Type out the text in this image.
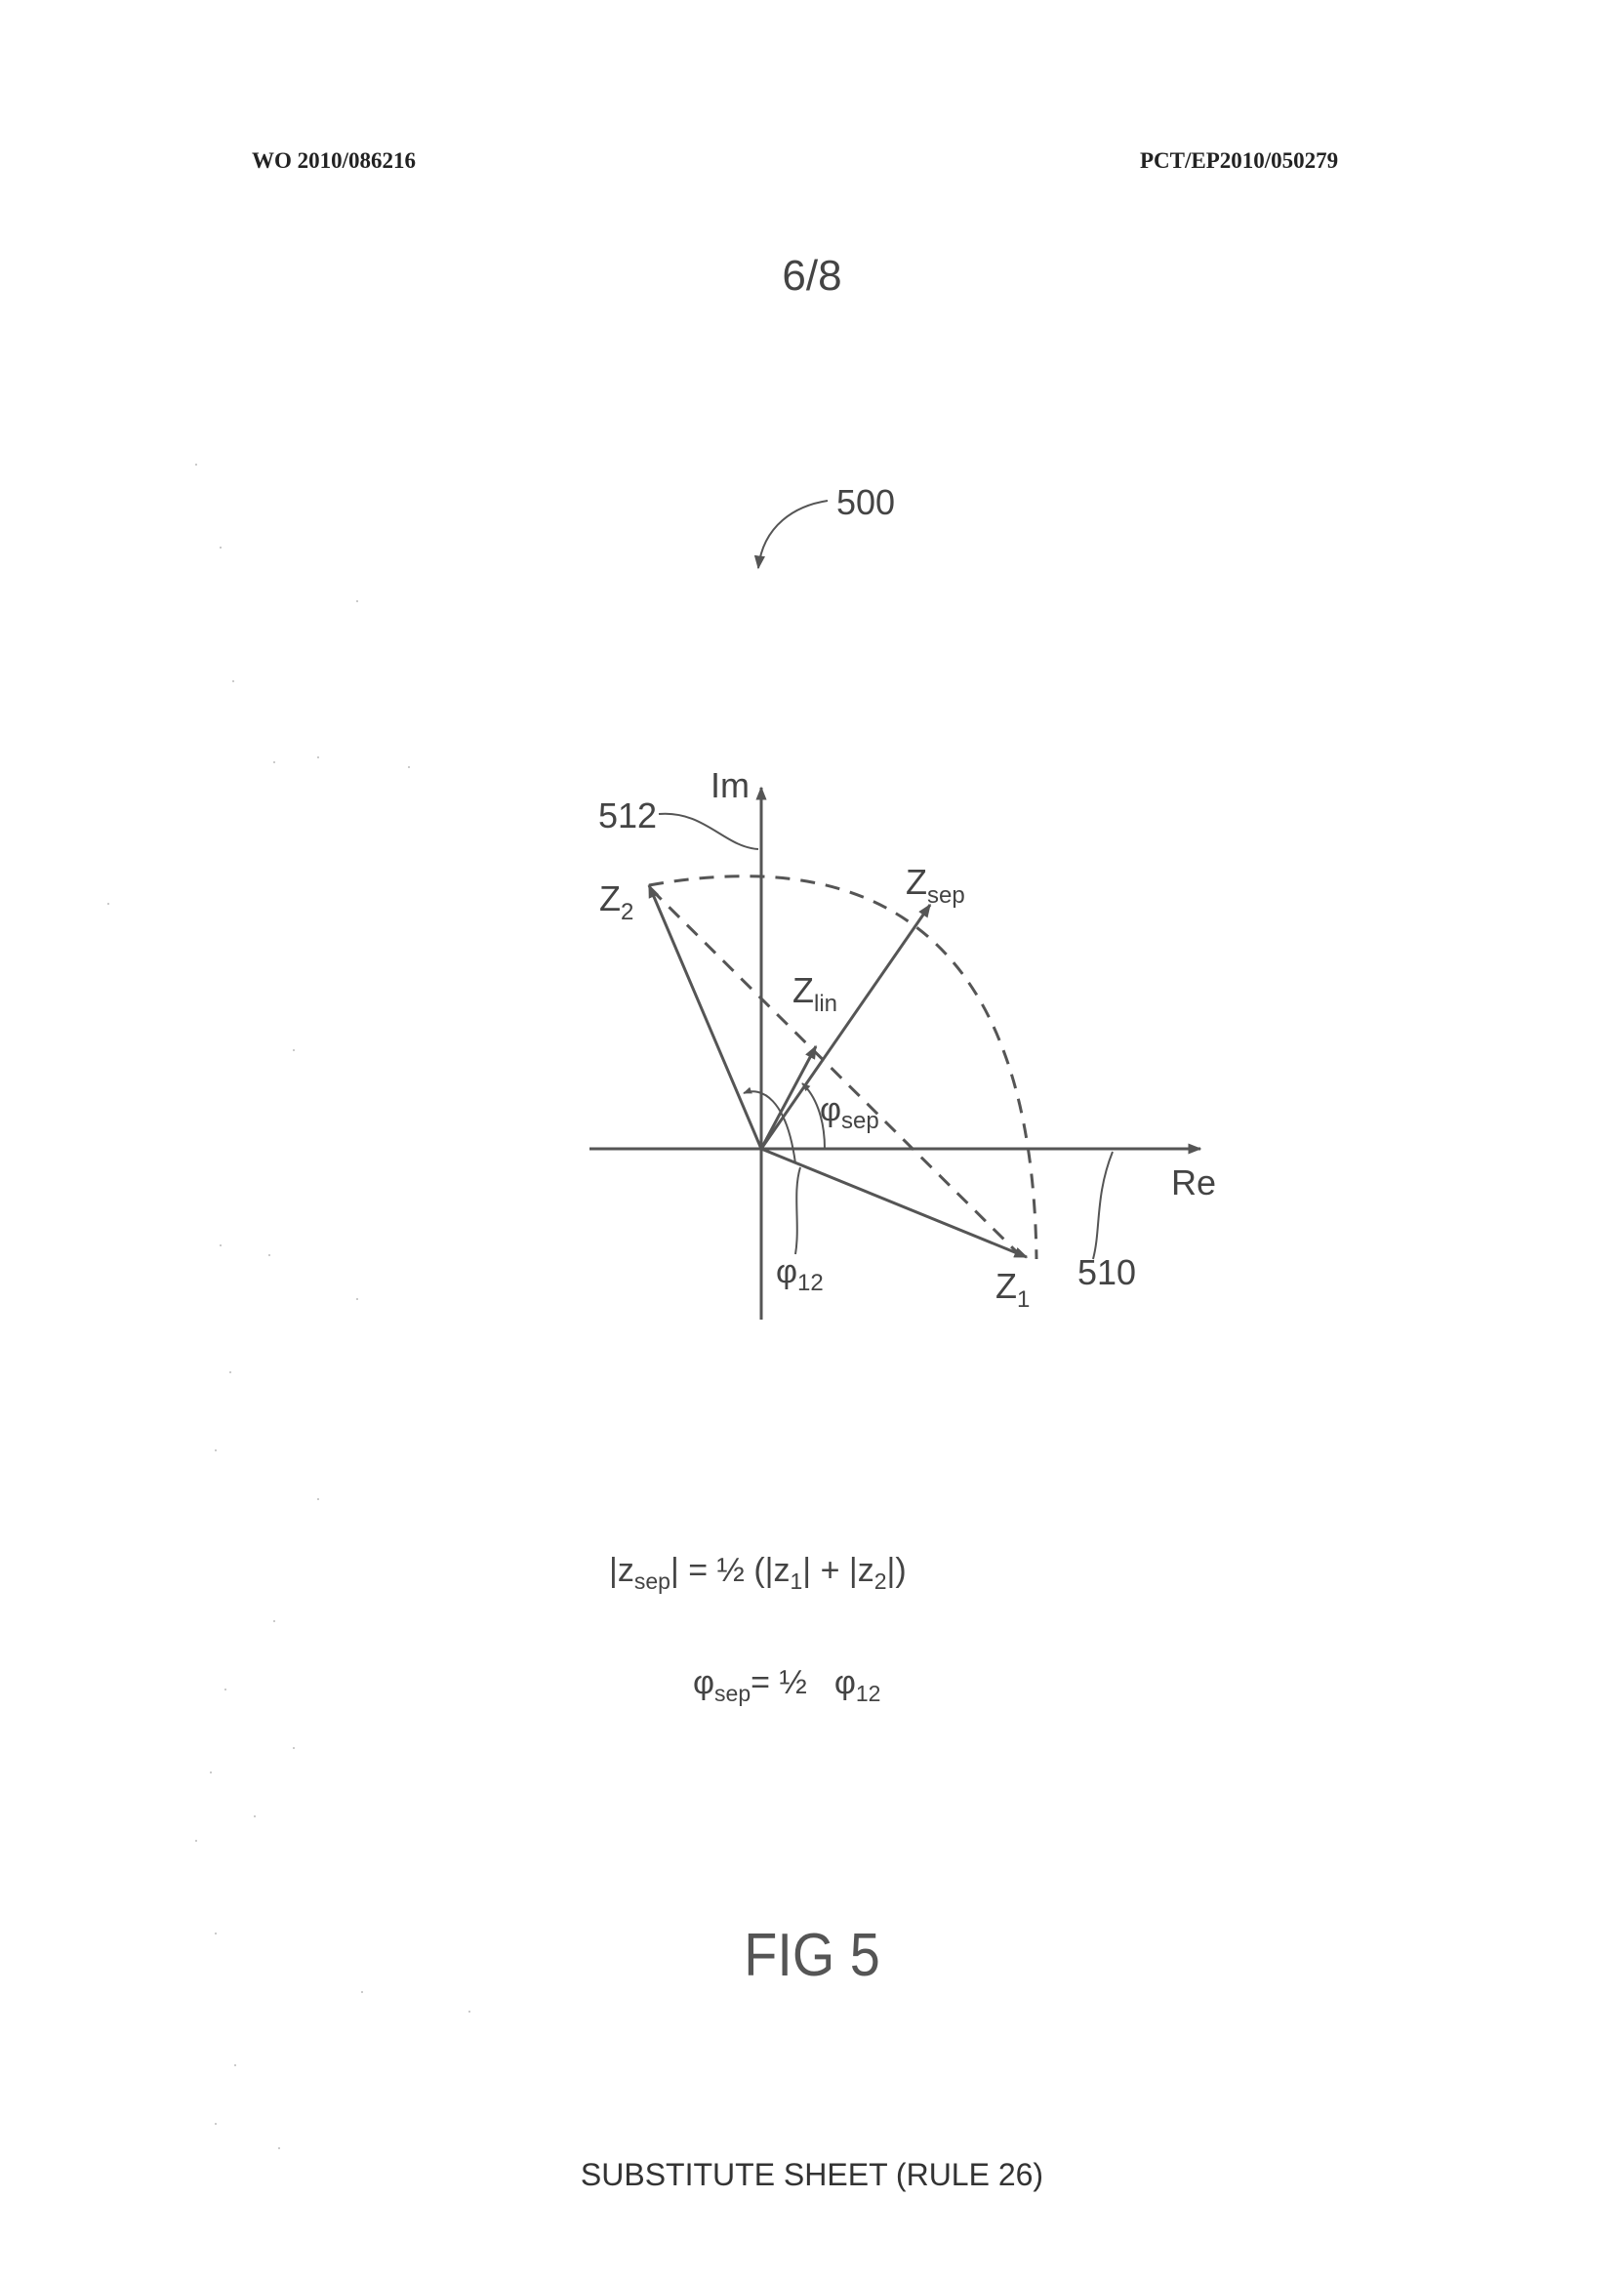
WO 2010/086216	PCT/EP2010/050279
6/8
500
Im
Re
512
510
$Z_2$
$Z_{sep}$
$Z_{lin}$
$Z_1$
$\varphi_{sep}$
$\varphi_{12}$
$|z_{sep}|$ = ½ $(|z_1| + |z_2|)$
$\varphi_{sep}=$ ½ $\varphi_{12}$
FIG 5
SUBSTITUTE SHEET (RULE 26)
